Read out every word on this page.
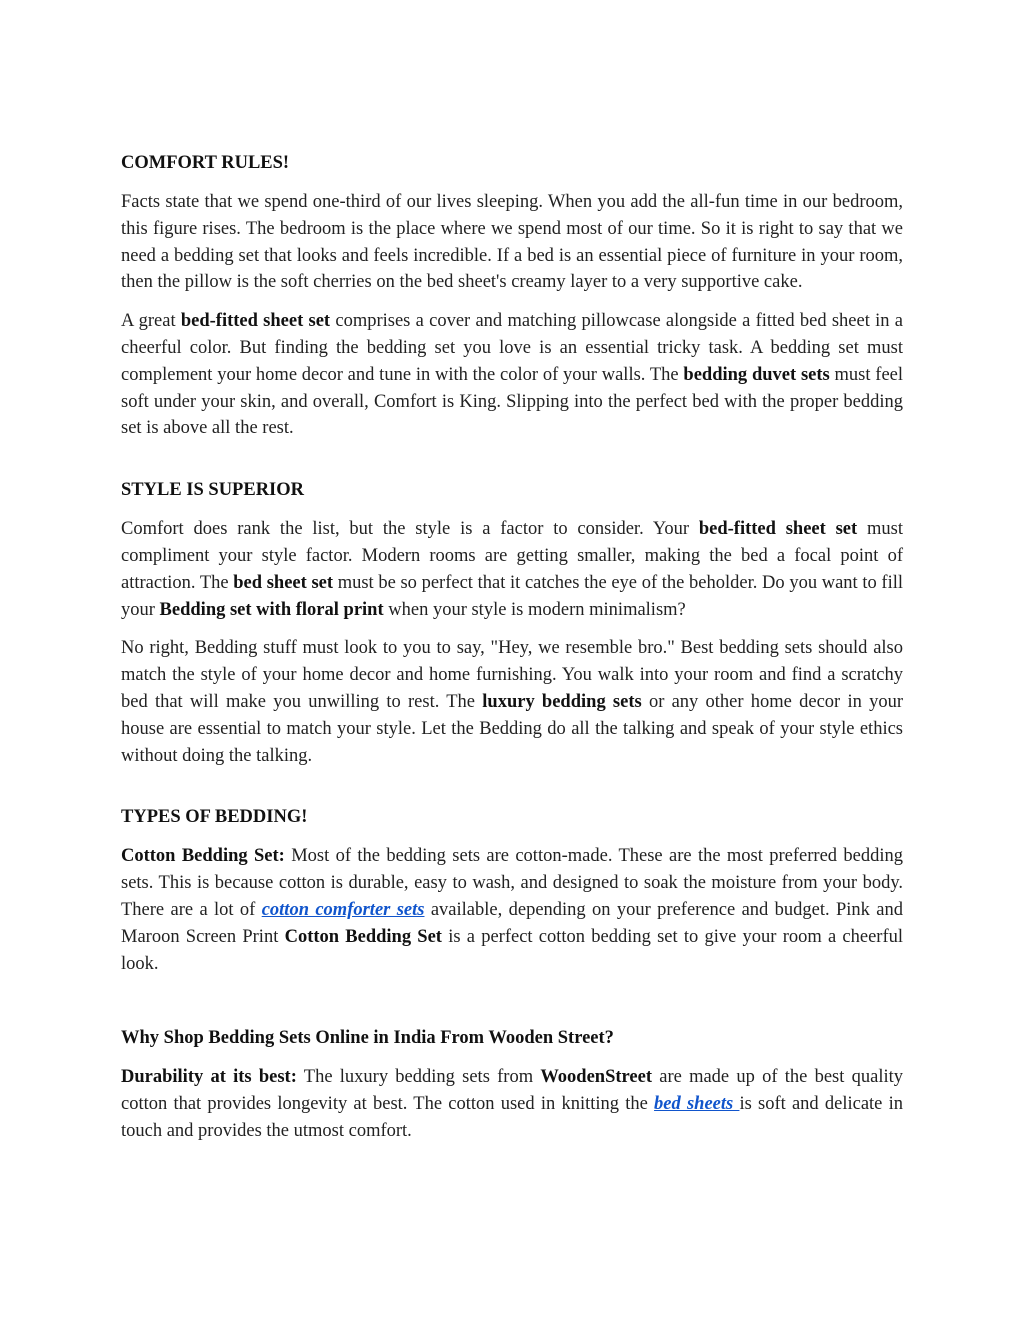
COMFORT RULES!

Facts state that we spend one-third of our lives sleeping. When you add the all-fun time in our bedroom, this figure rises. The bedroom is the place where we spend most of our time. So it is right to say that we need a bedding set that looks and feels incredible. If a bed is an essential piece of furniture in your room, then the pillow is the soft cherries on the bed sheet's creamy layer to a very supportive cake.

A great bed-fitted sheet set comprises a cover and matching pillowcase alongside a fitted bed sheet in a cheerful color. But finding the bedding set you love is an essential tricky task. A bedding set must complement your home decor and tune in with the color of your walls. The bedding duvet sets must feel soft under your skin, and overall, Comfort is King. Slipping into the perfect bed with the proper bedding set is above all the rest.

STYLE IS SUPERIOR

Comfort does rank the list, but the style is a factor to consider. Your bed-fitted sheet set must compliment your style factor. Modern rooms are getting smaller, making the bed a focal point of attraction. The bed sheet set must be so perfect that it catches the eye of the beholder. Do you want to fill your Bedding set with floral print when your style is modern minimalism?

No right, Bedding stuff must look to you to say, "Hey, we resemble bro." Best bedding sets should also match the style of your home decor and home furnishing. You walk into your room and find a scratchy bed that will make you unwilling to rest. The luxury bedding sets or any other home decor in your house are essential to match your style. Let the Bedding do all the talking and speak of your style ethics without doing the talking.

TYPES OF BEDDING!

Cotton Bedding Set: Most of the bedding sets are cotton-made. These are the most preferred bedding sets. This is because cotton is durable, easy to wash, and designed to soak the moisture from your body. There are a lot of cotton comforter sets available, depending on your preference and budget. Pink and Maroon Screen Print Cotton Bedding Set is a perfect cotton bedding set to give your room a cheerful look.

Why Shop Bedding Sets Online in India From Wooden Street?

Durability at its best: The luxury bedding sets from WoodenStreet are made up of the best quality cotton that provides longevity at best. The cotton used in knitting the bed sheets is soft and delicate in touch and provides the utmost comfort.
